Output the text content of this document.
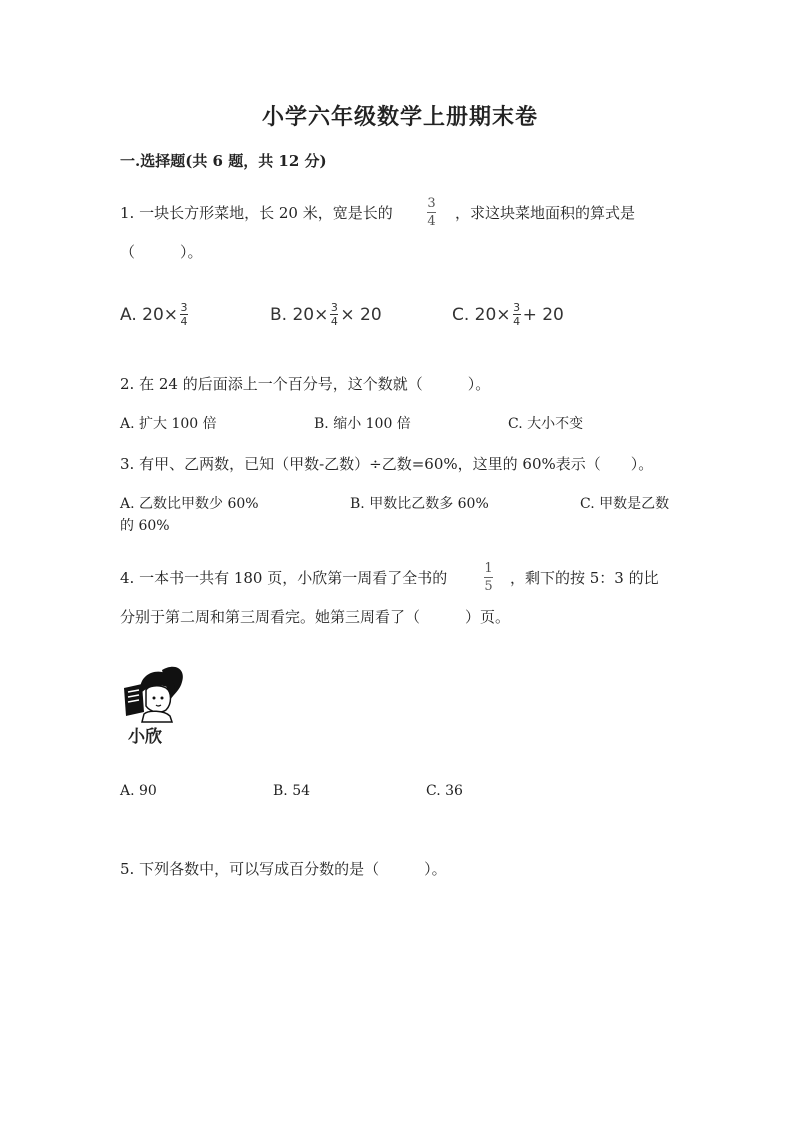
小学六年级数学上册期末卷
一.选择题(共 6 题，共 12 分)
1. 一块长方形菜地，长 20 米，宽是长的
3
4 ，求这块菜地面积的算式是
（　　　）。
A. 20× 3
4	B. 20× 3
4 × 20	C. 20× 3
4 + 20
2. 在 24 的后面添上一个百分号，这个数就（　　　）。
A. 扩大 100 倍	B. 缩小 100 倍	C. 大小不变
3. 有甲、乙两数，已知（甲数-乙数）÷乙数=60%，这里的 60%表示（　　）。
A. 乙数比甲数少 60%	B. 甲数比乙数多 60%	C. 甲数是乙数
的 60%
4. 一本书一共有 180 页，小欣第一周看了全书的
1
5 ，剩下的按 5：3 的比
分别于第二周和第三周看完。她第三周看了（　　　）页。
小欣
A. 90	B. 54	C. 36
5. 下列各数中，可以写成百分数的是（　　　）。
